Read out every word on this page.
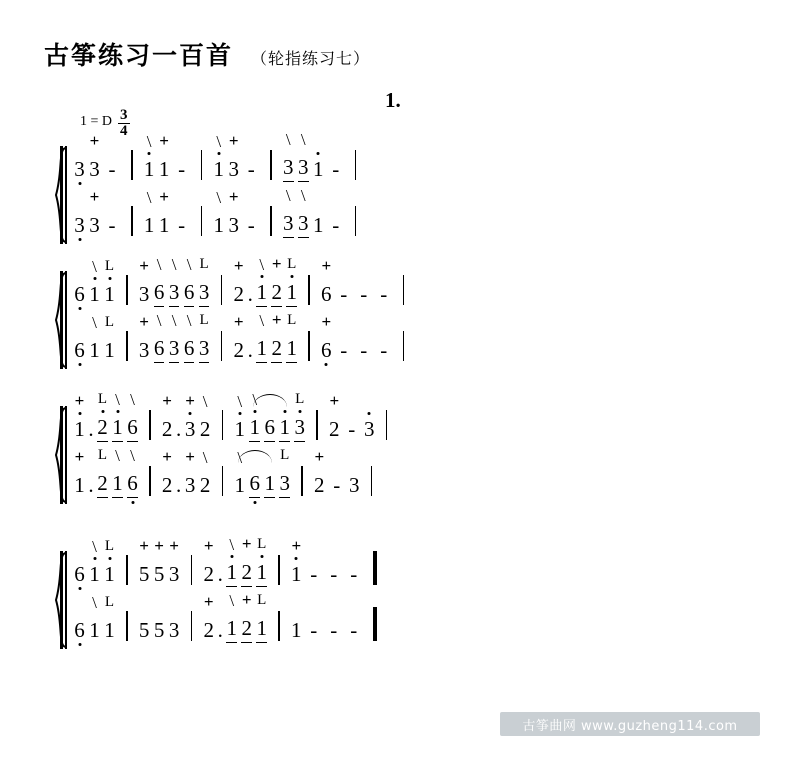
古筝练习一百首 （轮指练习七）
1.
1 = D $\frac{3}{4}$
3
+
3 -
\
1
+
1 -
\
1
+
3 -
\
3
\
3 1 -
3
+
3 -
\
1
+
1 -
\
1
+
3 -
\
3
\
3 1 -
6
\
1
L
1
+
3
\
6
\
3
\
6
L
3
+
2 .
\
1
+
2
L
1
+
6 - - -
6
\
1
L
1
+
3
\
6
\
3
\
6
L
3
+
2 .
\
1
+
2
L
1
+
6 - - -
+
1 .
L
2
\
1
\
6
+
2 .
+
3
\
2
\
1
\
1 6 1
L
3
+
2 - 3
+
1 .
L
2
\
1
\
6
+
2 .
+
3
\
2
\
1 6 1
L
3
+
2 - 3
6
\
1
L
1
+
5
+
5
+
3
+
2 .
\
1
+
2
L
1
+
1 - - -
6
\
1
L
1 5 5 3
+
2 .
\
1
+
2
L
1 1 - - -
古筝曲网 www.guzheng114.com
